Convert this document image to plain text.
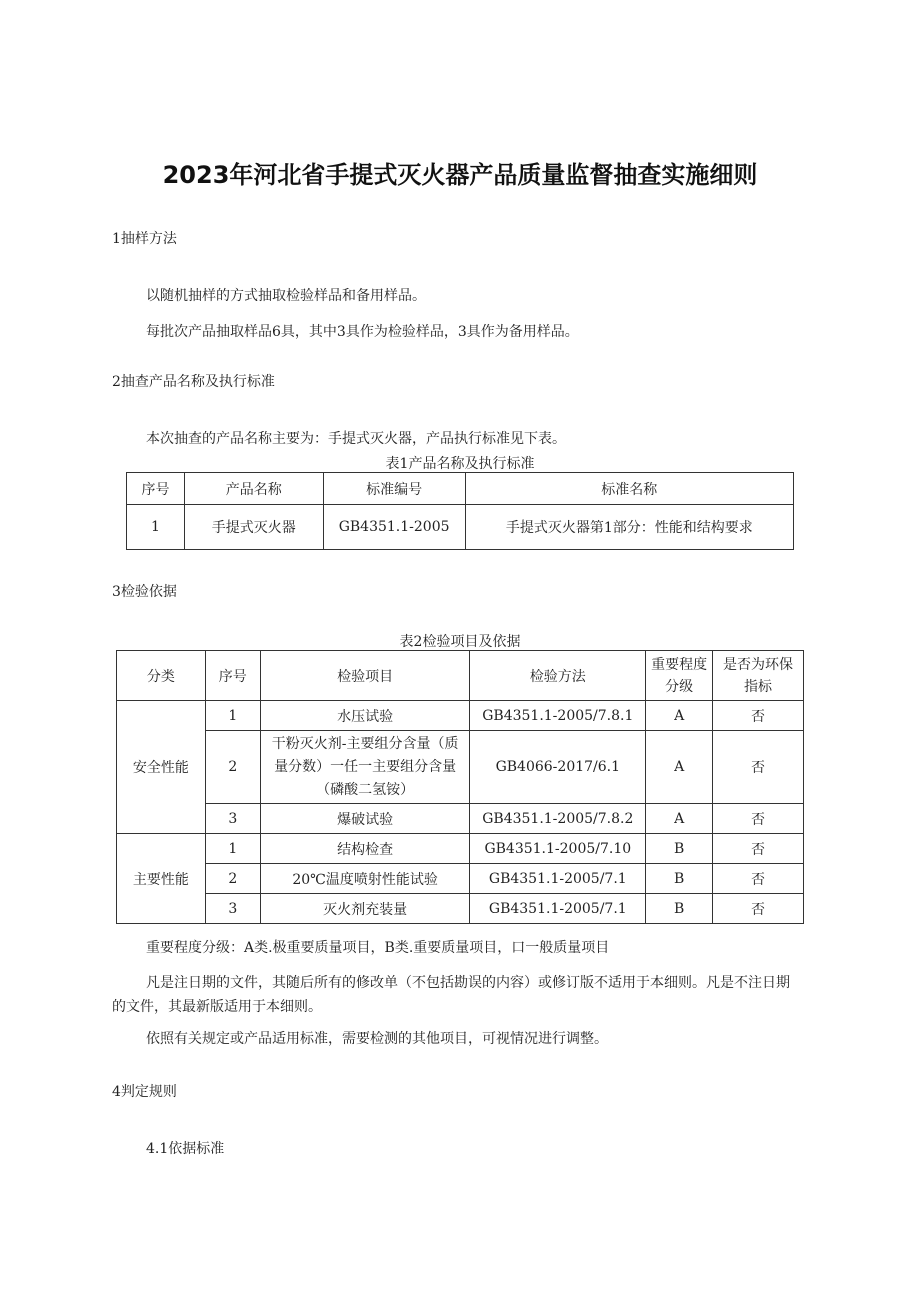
2023年河北省手提式灭火器产品质量监督抽查实施细则
1抽样方法
以随机抽样的方式抽取检验样品和备用样品。
每批次产品抽取样品6具，其中3具作为检验样品，3具作为备用样品。
2抽查产品名称及执行标准
本次抽查的产品名称主要为：手提式灭火器，产品执行标准见下表。
表1产品名称及执行标准
序号	产品名称	标准编号	标准名称
1	手提式灭火器	GB4351.1-2005	手提式灭火器第1部分：性能和结构要求
3检验依据
表2检验项目及依据
分类	序号	检验项目	检验方法	重要程度分级	是否为环保指标
安全性能	1	水压试验	GB4351.1-2005/7.8.1	A	否
	2	干粉灭火剂-主要组分含量（质量分数）一任一主要组分含量（磷酸二氢铵）	GB4066-2017/6.1	A	否
	3	爆破试验	GB4351.1-2005/7.8.2	A	否
主要性能	1	结构检查	GB4351.1-2005/7.10	B	否
	2	20℃温度喷射性能试验	GB4351.1-2005/7.1	B	否
	3	灭火剂充装量	GB4351.1-2005/7.1	B	否
重要程度分级：A类.极重要质量项目，B类.重要质量项目，口一般质量项目
凡是注日期的文件，其随后所有的修改单（不包括勘误的内容）或修订版不适用于本细则。凡是不注日期的文件，其最新版适用于本细则。
依照有关规定或产品适用标准，需要检测的其他项目，可视情况进行调整。
4判定规则
4.1依据标准
